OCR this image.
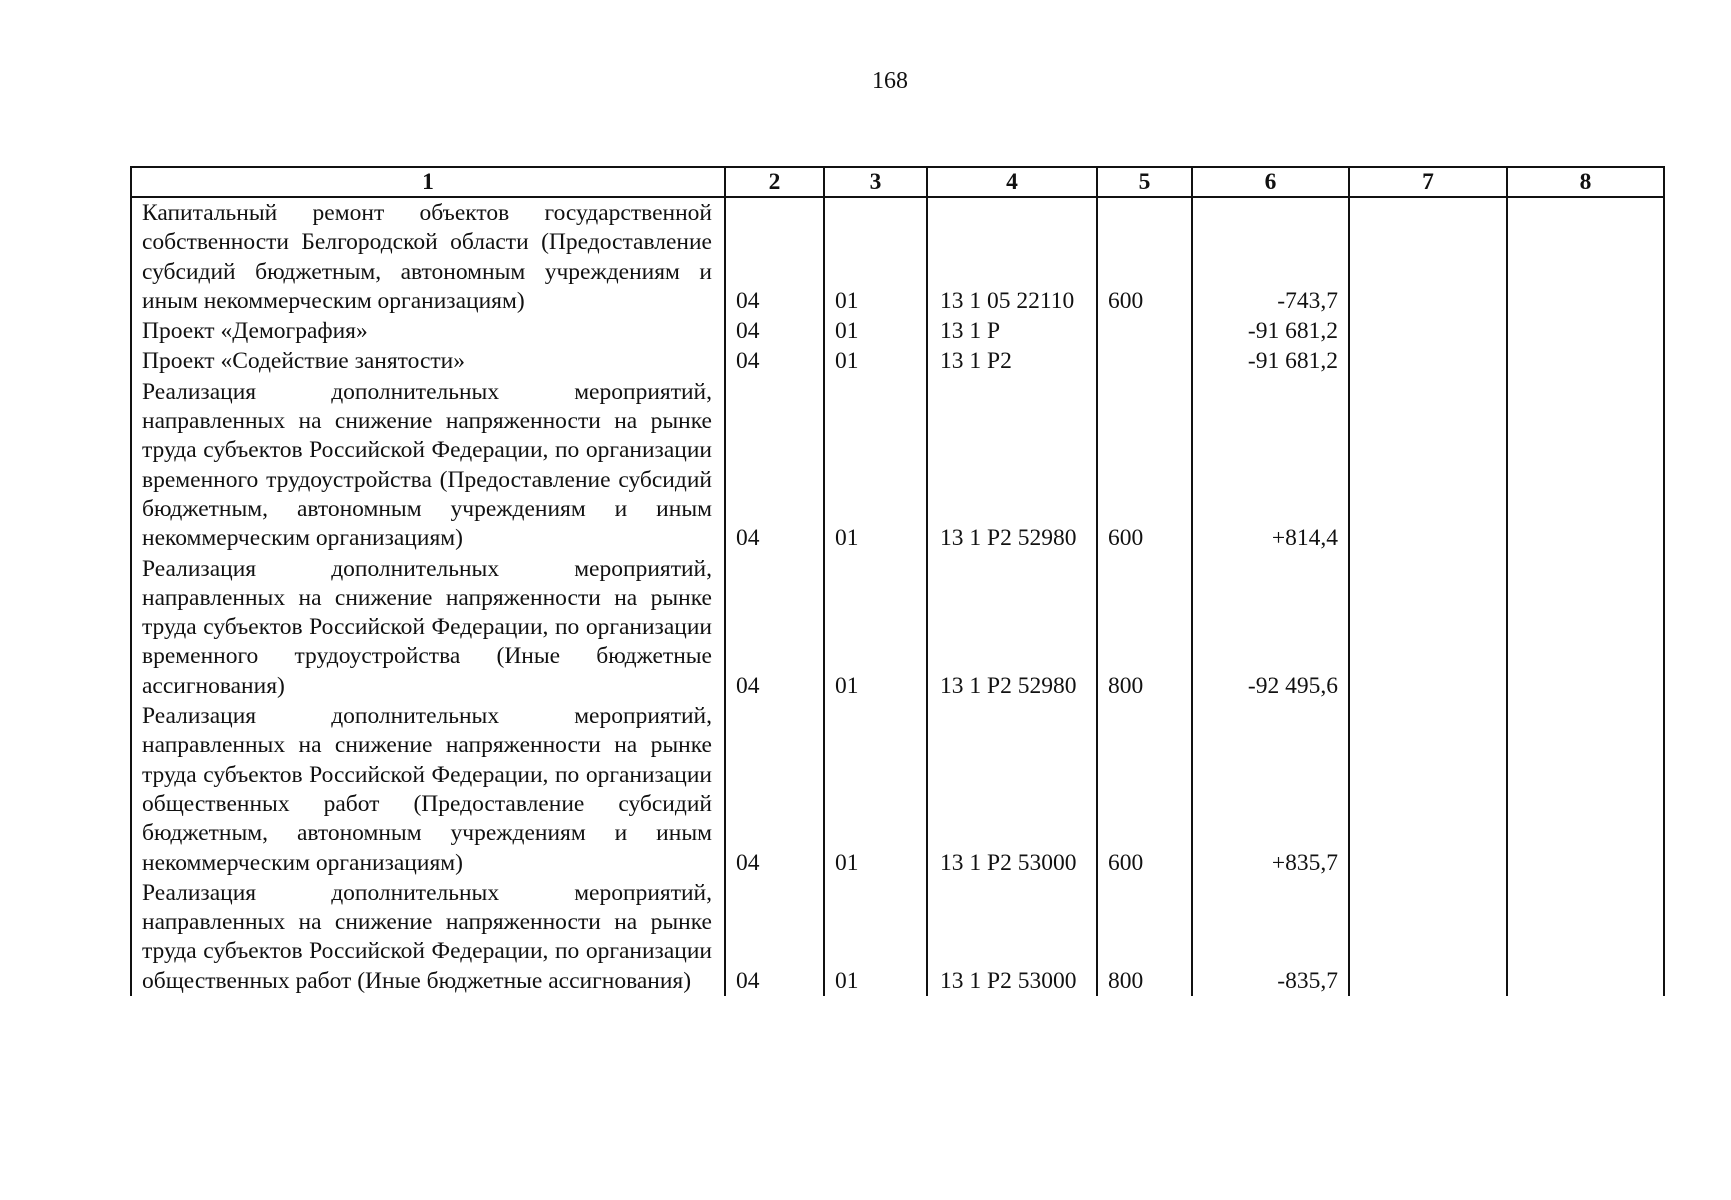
168
1	2	3	4	5	6	7	8
Капитальный ремонт объектов государственной собственности Белгородской области (Предоставление субсидий бюджетным, автономным учреждениям и иным некоммерческим организациям)	04	01	13 1 05 22110	600	-743,7		
Проект «Демография»	04	01	13 1 Р		-91 681,2		
Проект «Содействие занятости»	04	01	13 1 Р2		-91 681,2		
Реализация дополнительных мероприятий, направленных на снижение напряженности на рынке труда субъектов Российской Федерации, по организации временного трудоустройства (Предоставление субсидий бюджетным, автономным учреждениям и иным некоммерческим организациям)	04	01	13 1 Р2 52980	600	+814,4		
Реализация дополнительных мероприятий, направленных на снижение напряженности на рынке труда субъектов Российской Федерации, по организации временного трудоустройства (Иные бюджетные ассигнования)	04	01	13 1 Р2 52980	800	-92 495,6		
Реализация дополнительных мероприятий, направленных на снижение напряженности на рынке труда субъектов Российской Федерации, по организации общественных работ (Предоставление субсидий бюджетным, автономным учреждениям и иным некоммерческим организациям)	04	01	13 1 Р2 53000	600	+835,7		
Реализация дополнительных мероприятий, направленных на снижение напряженности на рынке труда субъектов Российской Федерации, по организации общественных работ (Иные бюджетные ассигнования)	04	01	13 1 Р2 53000	800	-835,7		
